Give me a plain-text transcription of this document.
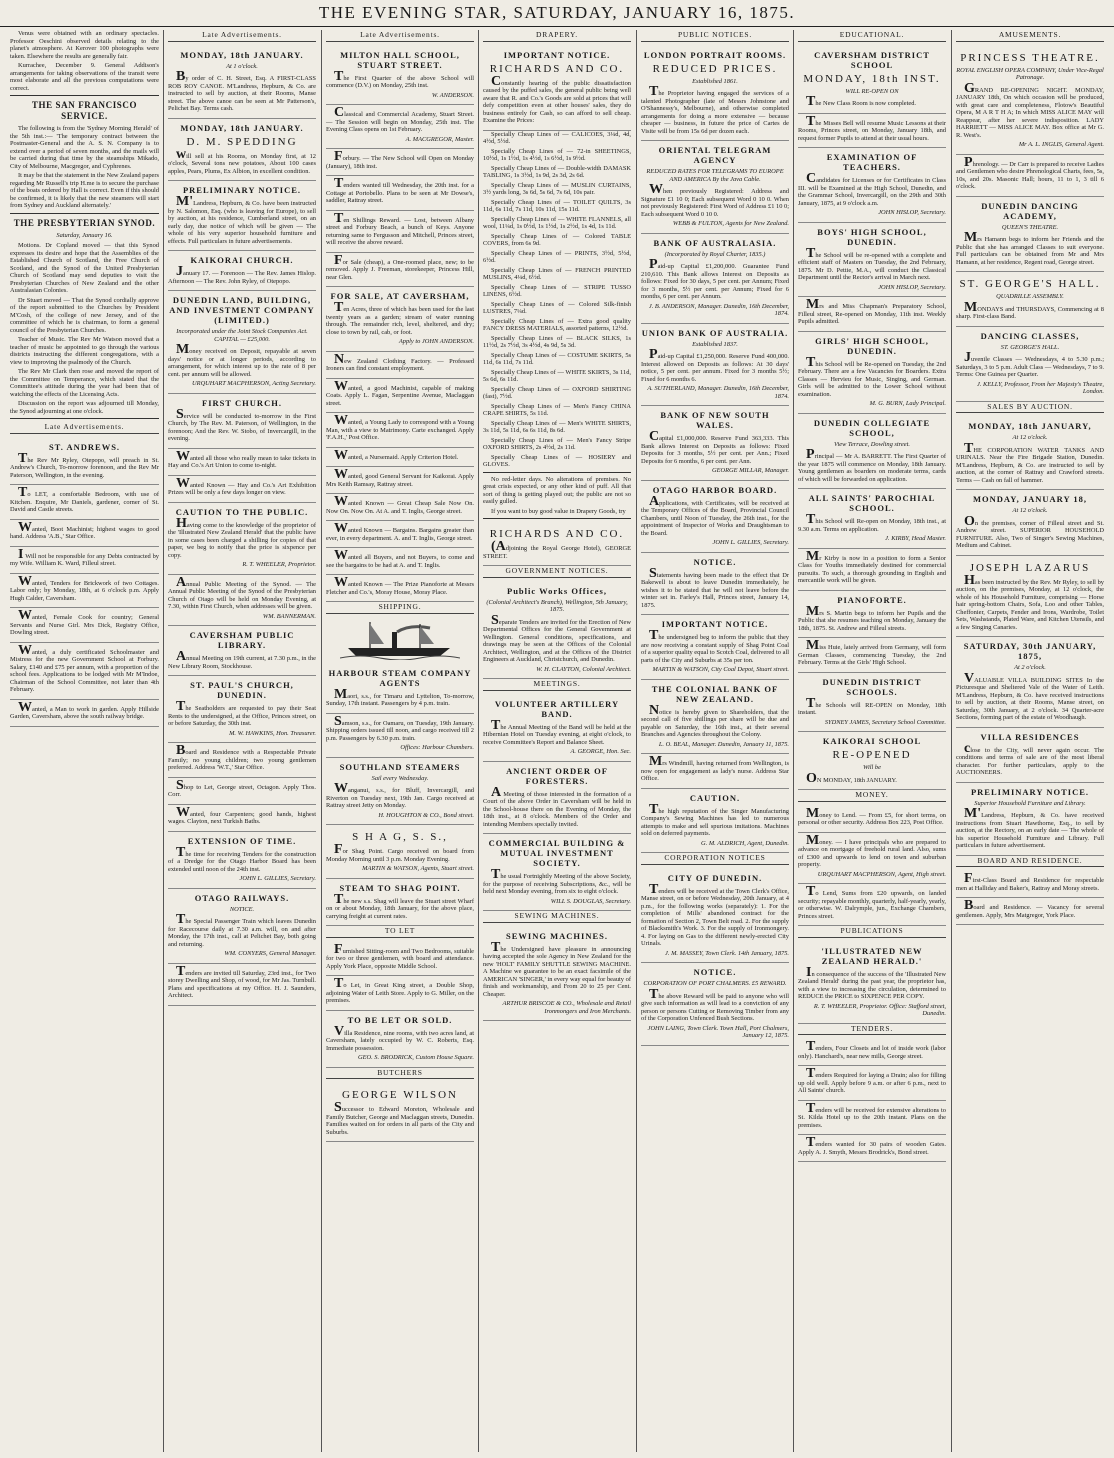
THE EVENING STAR, SATURDAY, JANUARY 16, 1875.
Venus were obtained with an ordinary spectacles. Professor Oeschini observed details relating to the planet's atmosphere. At Kerover 100 photographs were taken. Elsewhere the results are generally fair.
Kurrachee, December 9. General Addison's arrangements for taking observations of the transit were most elaborate and all the previous computations were correct.
THE SAN FRANCISCO SERVICE.
The following is from the 'Sydney Morning Herald' of the 5th inst.:— 'The temporary contract between the Postmaster-General and the A. S. N. Company is to extend over a period of seven months, and the mails will be carried during that time by the steamships Mikado, City of Melbourne, Macgregor, and Cyphrenes.
It may be that the statement in the New Zealand papers regarding Mr Russell's trip H.me is to secure the purchase of the boats ordered by Hall is correct. Even if this should be confirmed, it is likely that the new steamers will start from Sydney and Auckland alternately.'
THE PRESBYTERIAN SYNOD.
Saturday, January 16.
Motions. Dr Copland moved — that this Synod expresses its desire and hope that the Assemblies of the Established Church of Scotland, the Free Church of Scotland, and the Synod of the United Presbyterian Church of Scotland may send deputies to visit the Presbyterian Churches of New Zealand and the other Australasian Colonies.
Dr Stuart moved — That the Synod cordially approve of the report submitted to the Churches by President M'Cosh, of the college of new Jersey, and of the committee of which he is chairman, to form a general council of the Presbyterian Churches.
Teacher of Music. The Rev Mr Watson moved that a teacher of music be appointed to go through the various districts instructing the different congregations, with a view to improving the psalmody of the Church.
The Rev Mr Clark then rose and moved the report of the Committee on Temperance, which stated that the Committee's attitude during the year had been that of watching the effects of the Licensing Acts.
Discussion on the report was adjourned till Monday, the Synod adjourning at one o'clock.
Late Advertisements.
ST. ANDREWS.
The Rev Mr Ryley, Otepopo, will preach in St. Andrew's Church, To-morrow forenoon, and the Rev Mr Paterson, Wellington, in the evening.
To LET, a comfortable Bedroom, with use of Kitchen. Enquire, Mr Daniels, gardener, corner of St. David and Castle streets.
Wanted, Boot Machinist; highest wages to good hand. Address 'A.B.,' Star Office.
I Will not be responsible for any Debts contracted by my Wife. William K. Ward, Filleul street.
Wanted, Tenders for Brickwork of two Cottages. Labor only; by Monday, 18th, at 6 o'clock p.m. Apply Hugh Calder, Caversham.
Wanted, Female Cook for country; General Servants and Nurse Girl. Mrs Dick, Registry Office, Dowling street.
Wanted, a duly certificated Schoolmaster and Mistress for the new Government School at Forbury. Salary, £140 and £75 per annum, with a proportion of the school fees. Applications to be lodged with Mr M'Indoe, Chairman of the School Committee, not later than 4th February.
Wanted, a Man to work in garden. Apply Hillside Garden, Caversham, above the south railway bridge.
Late Advertisements.
MONDAY, 18th JANUARY.
At 1 o'clock.
By order of C. H. Street, Esq. A FIRST-CLASS ROB ROY CANOE. M'Landress, Hepburn, & Co. are instructed to sell by auction, at their Rooms, Manse street. The above canoe can be seen at Mr Patterson's, Pelichet Bay. Terms cash.
MONDAY, 18th JANUARY.
D. M. SPEDDING
will sell at his Rooms, on Monday first, at 12 o'clock, Several tons new potatoes, About 100 cases apples, Pears, Plums, Ex Albion, in excellent condition.
PRELIMINARY NOTICE.
M'Landress, Hepburn, & Co. have been instructed by N. Salomon, Esq. (who is leaving for Europe), to sell by auction, at his residence, Cumberland street, on an early day, due notice of which will be given — The whole of his very superior household furniture and effects. Full particulars in future advertisements.
KAIKORAI CHURCH.
January 17. — Forenoon — The Rev. James Hislop. Afternoon — The Rev. John Ryley, of Otepopo.
DUNEDIN LAND, BUILDING, AND INVESTMENT COMPANY (LIMITED.)
Incorporated under the Joint Stock Companies Act. CAPITAL — £25,000.
Money received on Deposit, repayable at seven days' notice or at longer periods, according to arrangement, for which interest up to the rate of 8 per cent. per annum will be allowed.
URQUHART MACPHERSON, Acting Secretary.
FIRST CHURCH.
Service will be conducted to-morrow in the First Church, by The Rev. M. Paterson, of Wellington, in the forenoon; And the Rev. W. Stobo, of Invercargill, in the evening.
Wanted all those who really mean to take tickets in Hay and Co.'s Art Union to come to-night.
Wanted Known — Hay and Co.'s Art Exhibition Prizes will be only a few days longer on view.
CAUTION TO THE PUBLIC.
Having come to the knowledge of the proprietor of the 'Illustrated New Zealand Herald' that the public have in some cases been charged a shilling for copies of that paper, we beg to notify that the price is sixpence per copy.
R. T. WHEELER, Proprietor.
Annual Public Meeting of the Synod. — The Annual Public Meeting of the Synod of the Presbyterian Church of Otago will be held on Monday Evening, at 7.30, within First Church, when addresses will be given.
WM. BANNERMAN.
CAVERSHAM PUBLIC LIBRARY.
Annual Meeting on 19th current, at 7.30 p.m., in the New Library Room, Stockhouse.
ST. PAUL'S CHURCH, DUNEDIN.
The Seatholders are requested to pay their Seat Rents to the undersigned, at the Office, Princes street, on or before Saturday, the 30th inst.
M. W. HAWKINS, Hon. Treasurer.
Board and Residence with a Respectable Private Family; no young children; two young gentlemen preferred. Address 'W.T.,' Star Office.
Shop to Let, George street, Octagon. Apply Thos. Corr.
Wanted, four Carpenters; good hands, highest wages. Clayton, next Turkish Baths.
EXTENSION OF TIME.
The time for receiving Tenders for the construction of a Dredge for the Otago Harbor Board has been extended until noon of the 24th inst.
JOHN L. GILLIES, Secretary.
OTAGO RAILWAYS.
NOTICE.
The Special Passenger Train which leaves Dunedin for Racecourse daily at 7.30 a.m. will, on and after Monday, the 17th inst., call at Pelichet Bay, both going and returning.
WM. CONYERS, General Manager.
Tenders are invited till Saturday, 23rd inst., for Two storey Dwelling and Shop, of wood, for Mr Jas. Turnbull. Plans and specifications at my Office. H. J. Saunders, Architect.
Late Advertisements.
MILTON HALL SCHOOL, STUART STREET.
The First Quarter of the above School will commence (D.V.) on Monday, 25th inst.
W. ANDERSON.
Classical and Commercial Academy, Stuart Street. — The Session will begin on Monday, 25th inst. The Evening Class opens on 1st February.
A. MACGREGOR, Master.
Forbury. — The New School will Open on Monday (January), 18th inst.
Tenders wanted till Wednesday, the 20th inst. for a Cottage at Portobello. Plans to be seen at Mr Dowse's, saddler, Rattray street.
Ten Shillings Reward. — Lost, between Albany street and Forbury Beach, a bunch of Keys. Anyone returning same to Fergusson and Mitchell, Princes street, will receive the above reward.
For Sale (cheap), a One-roomed place, new; to be removed. Apply J. Freeman, storekeeper, Princess Hill, near Glen.
FOR SALE, AT CAVERSHAM,
Ten Acres, three of which has been used for the last twenty years as a garden; stream of water running through. The remainder rich, level, sheltered, and dry; close to town by rail, cab, or foot.
Apply to JOHN ANDERSON.
New Zealand Clothing Factory. — Professed Ironers can find constant employment.
Wanted, a good Machinist, capable of making Coats. Apply L. Fagan, Serpentine Avenue, Maclaggan street.
Wanted, a Young Lady to correspond with a Young Man, with a view to Matrimony. Carte exchanged. Apply 'F.A.H.,' Post Office.
Wanted, a Nursemaid. Apply Criterion Hotel.
Wanted, good General Servant for Kaikorai. Apply Mrs Keith Ramsay, Rattray street.
Wanted Known — Great Cheap Sale Now On. Now On. Now On. At A. and T. Inglis, George street.
Wanted Known — Bargains. Bargains greater than ever, in every department. A. and T. Inglis, George street.
Wanted all Buyers, and not Buyers, to come and see the bargains to be had at A. and T. Inglis.
Wanted Known — The Prize Pianoforte at Messrs Fletcher and Co.'s, Moray House, Moray Place.
SHIPPING.
HARBOUR STEAM COMPANY AGENTS
Maori, s.s., for Timaru and Lyttelton, To-morrow, Sunday, 17th instant. Passengers by 4 p.m. train.
Samson, s.s., for Oamaru, on Tuesday, 19th January. Shipping orders issued till noon, and cargo received till 2 p.m. Passengers by 6.30 p.m. train.
Offices: Harbour Chambers.
SOUTHLAND STEAMERS
Sail every Wednesday.
Wanganui, s.s., for Bluff, Invercargill, and Riverton on Tuesday next, 19th Jan. Cargo received at Rattray street Jetty on Monday.
H. HOUGHTON & CO., Bond street.
S H A G, S. S.,
For Shag Point. Cargo received on board from Monday Morning until 3 p.m. Monday Evening.
MARTIN & WATSON, Agents, Stuart street.
STEAM TO SHAG POINT.
The new s.s. Shag will leave the Stuart street Wharf on or about Monday, 18th January, for the above place, carrying freight at current rates.
TO LET
Furnished Sitting-room and Two Bedrooms, suitable for two or three gentlemen, with board and attendance. Apply York Place, opposite Middle School.
To Let, in Great King street, a Double Shop, adjoining Water of Leith Store. Apply to G. Miller, on the premises.
TO BE LET OR SOLD.
Villa Residence, nine rooms, with two acres land, at Caversham, lately occupied by W. C. Roberts, Esq. Immediate possession.
GEO. S. BRODRICK, Custom House Square.
BUTCHERS
GEORGE WILSON
Successor to Edward Moreton, Wholesale and Family Butcher, George and Maclaggan streets, Dunedin. Families waited on for orders in all parts of the City and Suburbs.
DRAPERY.
IMPORTANT NOTICE.
RICHARDS AND CO.
Constantly hearing of the public dissatisfaction caused by the puffed sales, the general public being well aware that R. and Co.'s Goods are sold at prices that will defy competition even at other houses' sales, they do business entirely for Cash, so can afford to sell cheap. Examine the Prices:
Specially Cheap Lines of — CALICOES, 3¼d, 4d, 4½d, 5½d.
Specially Cheap Lines of — 72-in SHEETINGS, 10½d, 1s 1½d, 1s 4½d, 1s 6½d, 1s 9½d.
Specially Cheap Lines of — Double-width DAMASK TABLING, 1s 3½d, 1s 9d, 2s 3d, 2s 6d.
Specially Cheap Lines of — MUSLIN CURTAINS, 3½ yards long, 3s 6d, 5s 6d, 7s 6d, 10s pair.
Specially Cheap Lines of — TOILET QUILTS, 3s 11d, 6s 11d, 7s 11d, 10s 11d, 15s 11d.
Specially Cheap Lines of — WHITE FLANNELS, all wool, 11¼d, 1s 0½d, 1s 1½d, 1s 2½d, 1s 4d, 1s 11d.
Specially Cheap Lines of — Colored TABLE COVERS, from 6s 9d.
Specially Cheap Lines of — PRINTS, 3½d, 5½d, 6½d.
Specially Cheap Lines of — FRENCH PRINTED MUSLINS, 4¼d, 6½d.
Specially Cheap Lines of — STRIPE TUSSO LINENS, 6½d.
Specially Cheap Lines of — Colored Silk-finish LUSTRES, 7¼d.
Specially Cheap Lines of — Extra good quality FANCY DRESS MATERIALS, assorted patterns, 12½d.
Specially Cheap Lines of — BLACK SILKS, 1s 11½d, 2s 7½d, 3s 4½d, 4s 9d, 5s 3d.
Specially Cheap Lines of — COSTUME SKIRTS, 5s 11d, 6s 11d, 7s 11d.
Specially Cheap Lines of — WHITE SKIRTS, 3s 11d, 5s 6d, 6s 11d.
Specially Cheap Lines of — OXFORD SHIRTING (fast), 7½d.
Specially Cheap Lines of — Men's Fancy CHINA CRAPE SHIRTS, 5s 11d.
Specially Cheap Lines of — Men's WHITE SHIRTS, 3s 11d, 5s 11d, 6s 6s 11d, 8s 6d.
Specially Cheap Lines of — Men's Fancy Stripe OXFORD SHIRTS, 2s 4½d, 2s 11d.
Specially Cheap Lines of — HOSIERY and GLOVES.
No red-letter days. No alterations of premises. No great crisis expected, or any other kind of puff. All that sort of thing is getting played out; the public are not so easily gulled.
If you want to buy good value in Drapery Goods, try
RICHARDS AND CO.
(Adjoining the Royal George Hotel), GEORGE STREET.
GOVERNMENT NOTICES.
Public Works Offices,
(Colonial Architect's Branch), Wellington, 5th January, 1875.
Separate Tenders are invited for the Erection of New Departmental Offices for the General Government at Wellington. General conditions, specifications, and drawings may be seen at the Offices of the Colonial Architect, Wellington, and at the Offices of the District Engineers at Auckland, Christchurch, and Dunedin.
W. H. CLAYTON, Colonial Architect.
MEETINGS.
VOLUNTEER ARTILLERY BAND.
The Annual Meeting of the Band will be held at the Hibernian Hotel on Tuesday evening, at eight o'clock, to receive Committee's Report and Balance Sheet.
A. GEORGE, Hon. Sec.
ANCIENT ORDER OF FORESTERS.
A Meeting of those interested in the formation of a Court of the above Order in Caversham will be held in the School-house there on the Evening of Monday, the 18th inst., at 8 o'clock. Members of the Order and intending Members specially invited.
COMMERCIAL BUILDING & MUTUAL INVESTMENT SOCIETY.
The usual Fortnightly Meeting of the above Society, for the purpose of receiving Subscriptions, &c., will be held next Monday evening, from six to eight o'clock.
WILL S. DOUGLAS, Secretary.
SEWING MACHINES.
SEWING MACHINES.
The Undersigned have pleasure in announcing having accepted the sole Agency in New Zealand for the new 'HOLT' FAMILY SHUTTLE SEWING MACHINE. A Machine we guarantee to be an exact facsimile of the AMERICAN 'SINGER,' in every way equal for beauty of finish and workmanship, and From 20 to 25 per Cent. Cheaper.
ARTHUR BRISCOE & CO., Wholesale and Retail Ironmongers and Iron Merchants.
PUBLIC NOTICES.
LONDON PORTRAIT ROOMS.
REDUCED PRICES.
Established 1861.
The Proprietor having engaged the services of a talented Photographer (late of Messrs Johnstone and O'Shannessy's, Melbourne), and otherwise completed arrangements for doing a more extensive — because cheaper — business, in future the price of Cartes de Visite will be from 15s 6d per dozen each.
ORIENTAL TELEGRAM AGENCY
REDUCED RATES FOR TELEGRAMS TO EUROPE AND AMERICA By the Java Cable.
When previously Registered: Address and Signature £1 10 0; Each subsequent Word 0 10 0. When not previously Registered: First Word of Address £1 10 0; Each subsequent Word 0 10 0.
WEBB & FULTON, Agents for New Zealand.
BANK OF AUSTRALASIA.
(Incorporated by Royal Charter, 1835.)
Paid-up Capital £1,200,000. Guarantee Fund 210,610. This Bank allows Interest on Deposits as follows: Fixed for 30 days, 5 per cent. per Annum; Fixed for 3 months, 5½ per cent. per Annum; Fixed for 6 months, 6 per cent. per Annum.
J. B. ANDERSON, Manager. Dunedin, 16th December, 1874.
UNION BANK OF AUSTRALIA.
Established 1837.
Paid-up Capital £1,250,000. Reserve Fund 400,000. Interest allowed on Deposits as follows: At 30 days' notice, 5 per cent. per annum. Fixed for 3 months 5½; Fixed for 6 months 6.
A. SUTHERLAND, Manager. Dunedin, 16th December, 1874.
BANK OF NEW SOUTH WALES.
Capital £1,000,000. Reserve Fund 363,333. This Bank allows Interest on Deposits as follows: Fixed Deposits for 3 months, 5½ per cent. per Ann.; Fixed Deposits for 6 months, 6 per cent. per Ann.
GEORGE MILLAR, Manager.
OTAGO HARBOR BOARD.
Applications, with Certificates, will be received at the Temporary Offices of the Board, Provincial Council Chambers, until Noon of Tuesday, the 26th inst., for the appointment of Inspector of Works and Draughtsman to the Board.
JOHN L. GILLIES, Secretary.
NOTICE.
Statements having been made to the effect that Dr Bakewell is about to leave Dunedin immediately, he wishes it to be stated that he will not leave before the winter set in. Farley's Hall, Princes street, January 14, 1875.
IMPORTANT NOTICE.
The undersigned beg to inform the public that they are now receiving a constant supply of Shag Point Coal of a superior quality equal to Scotch Coal, delivered to all parts of the City and Suburbs at 35s per ton.
MARTIN & WATSON, City Coal Depot, Stuart street.
THE COLONIAL BANK OF NEW ZEALAND.
Notice is hereby given to Shareholders, that the second call of five shillings per share will be due and payable on Saturday, the 16th inst., at their several Branches and Agencies throughout the Colony.
L. O. BEAL, Manager. Dunedin, January 11, 1875.
Mrs Windmill, having returned from Wellington, is now open for engagement as lady's nurse. Address Star Office.
CAUTION.
The high reputation of the Singer Manufacturing Company's Sewing Machines has led to numerous attempts to make and sell spurious imitations. Machines sold on deferred payments.
G. M. ALDRICH, Agent, Dunedin.
CORPORATION NOTICES
CITY OF DUNEDIN.
Tenders will be received at the Town Clerk's Office, Manse street, on or before Wednesday, 20th January, at 4 p.m., for the following works (separately): 1. For the completion of Mills' abandoned contract for the formation of Section 2, Town Belt road. 2. For the supply of Blacksmith's Work. 3. For the supply of Ironmongery. 4. For laying on Gas to the different newly-erected City Urinals.
J. M. MASSEY, Town Clerk. 14th January, 1875.
NOTICE.
CORPORATION OF PORT CHALMERS. £5 REWARD.
The above Reward will be paid to anyone who will give such information as will lead to a conviction of any person or persons Cutting or Removing Timber from any of the Corporation Unfenced Bush Sections.
JOHN LAING, Town Clerk. Town Hall, Port Chalmers, January 12, 1875.
EDUCATIONAL.
CAVERSHAM DISTRICT SCHOOL
MONDAY, 18th INST.
WILL RE-OPEN ON
The New Class Room is now completed.
The Misses Bell will resume Music Lessons at their Rooms, Princes street, on Monday, January 18th, and request former Pupils to attend at their usual hours.
EXAMINATION OF TEACHERS.
Candidates for Licenses or for Certificates in Class III. will be Examined at the High School, Dunedin, and the Grammar School, Invercargill, on the 29th and 30th January, 1875, at 9 o'clock a.m.
JOHN HISLOP, Secretary.
BOYS' HIGH SCHOOL, DUNEDIN.
The School will be re-opened with a complete and efficient staff of Masters on Tuesday, the 2nd February, 1875. Mr D. Pettie, M.A., will conduct the Classical Department until the Rector's arrival in March next.
JOHN HISLOP, Secretary.
Mrs and Miss Chapman's Preparatory School, Filleul street, Re-opened on Monday, 11th inst. Weekly Pupils admitted.
GIRLS' HIGH SCHOOL, DUNEDIN.
This School will be Re-opened on Tuesday, the 2nd February. There are a few Vacancies for Boarders. Extra Classes — Hervieu for Music, Singing, and German. Girls will be admitted to the Lower School without examination.
M. G. BURN, Lady Principal.
DUNEDIN COLLEGIATE SCHOOL,
View Terrace, Dowling street.
Principal — Mr A. BARRETT. The First Quarter of the year 1875 will commence on Monday, 18th January. Young gentlemen as boarders on moderate terms, cards of which will be forwarded on application.
ALL SAINTS' PAROCHIAL SCHOOL.
This School will Re-open on Monday, 18th inst., at 9.30 a.m. Terms on application.
J. KIRBY, Head Master.
Mr Kirby is now in a position to form a Senior Class for Youths immediately destined for commercial pursuits. To such, a thorough grounding in English and mercantile work will be given.
PIANOFORTE.
Mrs S. Martin begs to inform her Pupils and the Public that she resumes teaching on Monday, January the 18th, 1875. St. Andrew and Filleul streets.
Miss Huie, lately arrived from Germany, will form German Classes, commencing Tuesday, the 2nd February. Terms at the Girls' High School.
DUNEDIN DISTRICT SCHOOLS.
The Schools will RE-OPEN on Monday, 18th instant.
SYDNEY JAMES, Secretary School Committee.
KAIKORAI SCHOOL
RE-OPENED
Will be
ON MONDAY, 18th JANUARY.
MONEY.
Money to Lend. — From £5, for short terms, on personal or other security. Address Box 223, Post Office.
Money. — I have principals who are prepared to advance on mortgage of freehold rural land. Also, sums of £300 and upwards to lend on town and suburban property.
URQUHART MACPHERSON, Agent, High street.
To Lend, Sums from £20 upwards, on landed security; repayable monthly, quarterly, half-yearly, yearly, or otherwise. W. Dalrymple, jun., Exchange Chambers, Princes street.
PUBLICATIONS
'ILLUSTRATED NEW ZEALAND HERALD.'
In consequence of the success of the 'Illustrated New Zealand Herald' during the past year, the proprietor has, with a view to increasing the circulation, determined to REDUCE the PRICE to SIXPENCE PER COPY.
R. T. WHEELER, Proprietor. Office: Stafford street, Dunedin.
TENDERS.
Tenders, Four Closets and lot of inside work (labor only). Hanchard's, near new mills, George street.
Tenders Required for laying a Drain; also for filling up old well. Apply before 9 a.m. or after 6 p.m., next to All Saints' church.
Tenders will be received for extensive alterations to St. Kilda Hotel up to the 20th instant. Plans on the premises.
Tenders wanted for 30 pairs of wooden Gates. Apply A. J. Smyth, Messrs Brodrick's, Bond street.
AMUSEMENTS.
PRINCESS THEATRE.
ROYAL ENGLISH OPERA COMPANY, Under Vice-Regal Patronage.
GRAND RE-OPENING NIGHT. MONDAY, JANUARY 18th, On which occasion will be produced, with great care and completeness, Flotow's Beautiful Opera, M A R T H A; In which MISS ALICE MAY will Reappear, after her severe indisposition. LADY HARRIETT — MISS ALICE MAY. Box office at Mr G. R. West's.
Mr A. L. INGLIS, General Agent.
Phrenology. — Dr Carr is prepared to receive Ladies and Gentlemen who desire Phrenological Charts, fees, 5s, 10s, and 20s. Masonic Hall; hours, 11 to 1, 3 till 6 o'clock.
DUNEDIN DANCING ACADEMY,
QUEEN'S THEATRE.
Mrs Hamann begs to inform her Friends and the Public that she has arranged Classes to suit everyone. Full particulars can be obtained from Mr and Mrs Hamann, at her residence, Regent road, George street.
ST. GEORGE'S HALL.
QUADRILLE ASSEMBLY.
MONDAYS and THURSDAYS, Commencing at 8 sharp. First-class Band.
DANCING CLASSES,
ST. GEORGE'S HALL.
Juvenile Classes — Wednesdays, 4 to 5.30 p.m.; Saturdays, 3 to 5 p.m. Adult Class — Wednesdays, 7 to 9. Terms: One Guinea per Quarter.
J. KELLY, Professor, From her Majesty's Theatre, London.
SALES BY AUCTION.
MONDAY, 18th JANUARY,
At 12 o'clock.
THE CORPORATION WATER TANKS AND URINALS. Near the Fire Brigade Station, Dunedin. M'Landress, Hepburn, & Co. are instructed to sell by auction, at the corner of Rattray and Crawford streets. Terms — Cash on fall of hammer.
MONDAY, JANUARY 18,
At 12 o'clock.
On the premises, corner of Filleul street and St. Andrew street. SUPERIOR HOUSEHOLD FURNITURE. Also, Two of Singer's Sewing Machines, Medium and Cabinet.
JOSEPH LAZARUS
Has been instructed by the Rev. Mr Ryley, to sell by auction, on the premises, Monday, at 12 o'clock, the whole of his Household Furniture, comprising — Horse hair spring-bottom Chairs, Sofa, Loo and other Tables, Cheffonier, Carpets, Fender and Irons, Wardrobe, Toilet Sets, Washstands, Plated Ware, and Kitchen Utensils, and a few Singing Canaries.
SATURDAY, 30th JANUARY, 1875,
At 2 o'clock.
VALUABLE VILLA BUILDING SITES In the Picturesque and Sheltered Vale of the Water of Leith. M'Landress, Hepburn, & Co. have received instructions to sell by auction, at their Rooms, Manse street, on Saturday, 30th January, at 2 o'clock. 34 Quarter-acre Sections, forming part of the estate of Woodhaugh.
VILLA RESIDENCES
close to the City, will never again occur. The conditions and terms of sale are of the most liberal character. For further particulars, apply to the AUCTIONEERS.
PRELIMINARY NOTICE.
Superior Household Furniture and Library.
M'Landress, Hepburn, & Co. have received instructions from Stuart Hawthorne, Esq., to sell by auction, at the Rectory, on an early date — The whole of his superior Household Furniture and Library. Full particulars in future advertisement.
BOARD AND RESIDENCE.
First-Class Board and Residence for respectable men at Halliday and Baker's, Rattray and Moray streets.
Board and Residence. — Vacancy for several gentlemen. Apply, Mrs Matgregor, York Place.
